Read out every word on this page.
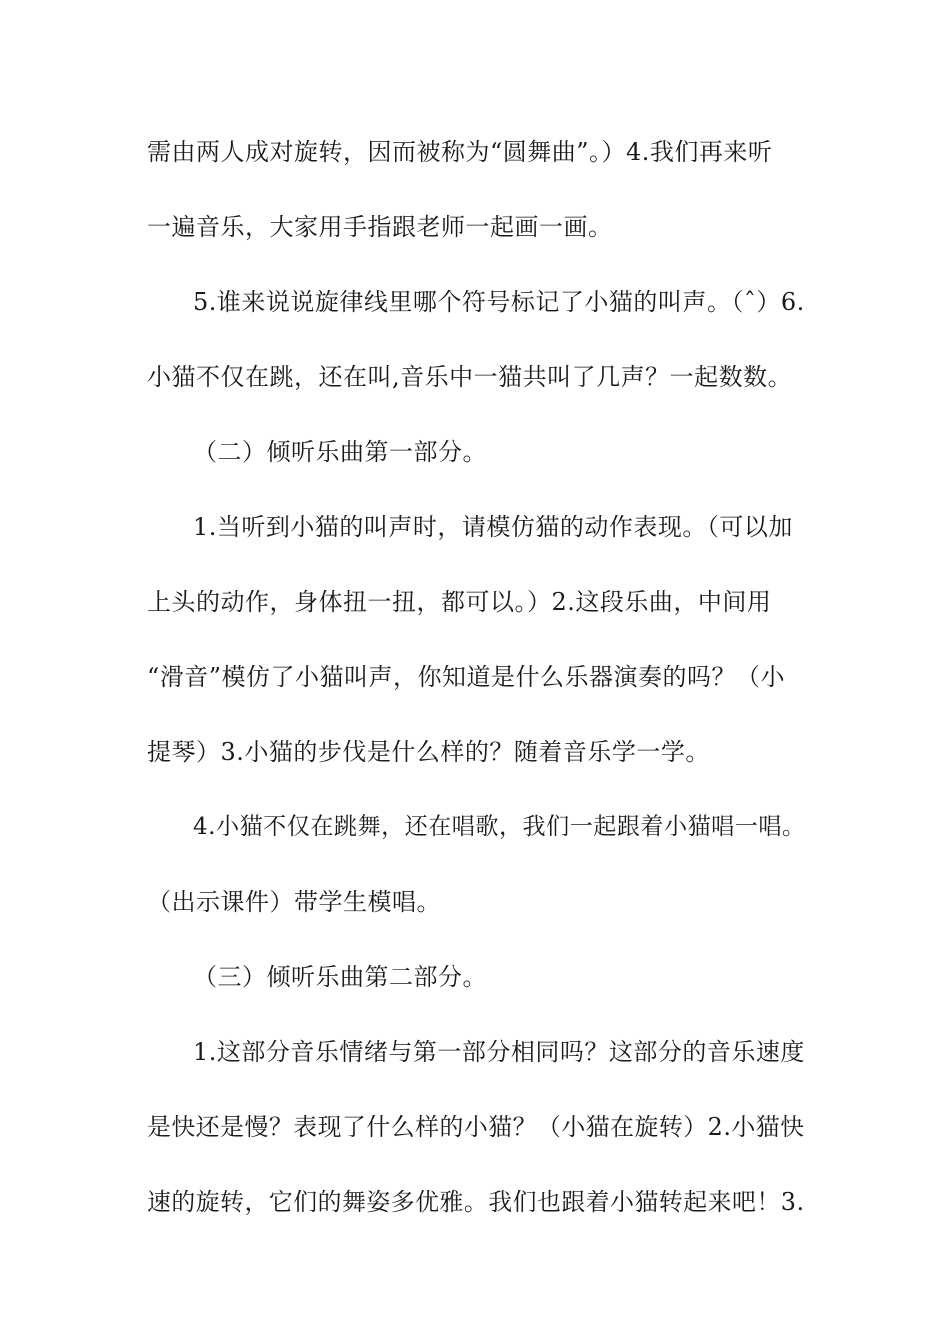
需由两人成对旋转，因而被称为“圆舞曲”。）4.我们再来听
一遍音乐，大家用手指跟老师一起画一画。
5.谁来说说旋律线里哪个符号标记了小猫的叫声。（ˆ）6.
小猫不仅在跳，还在叫,音乐中一猫共叫了几声？一起数数。
（二）倾听乐曲第一部分。
1.当听到小猫的叫声时，请模仿猫的动作表现。（可以加
上头的动作，身体扭一扭，都可以。）2.这段乐曲，中间用
“滑音”模仿了小猫叫声，你知道是什么乐器演奏的吗？（小
提琴）3.小猫的步伐是什么样的？随着音乐学一学。
4.小猫不仅在跳舞，还在唱歌，我们一起跟着小猫唱一唱。
（出示课件）带学生模唱。
（三）倾听乐曲第二部分。
1.这部分音乐情绪与第一部分相同吗？这部分的音乐速度
是快还是慢？表现了什么样的小猫？（小猫在旋转）2.小猫快
速的旋转，它们的舞姿多优雅。我们也跟着小猫转起来吧！3.
